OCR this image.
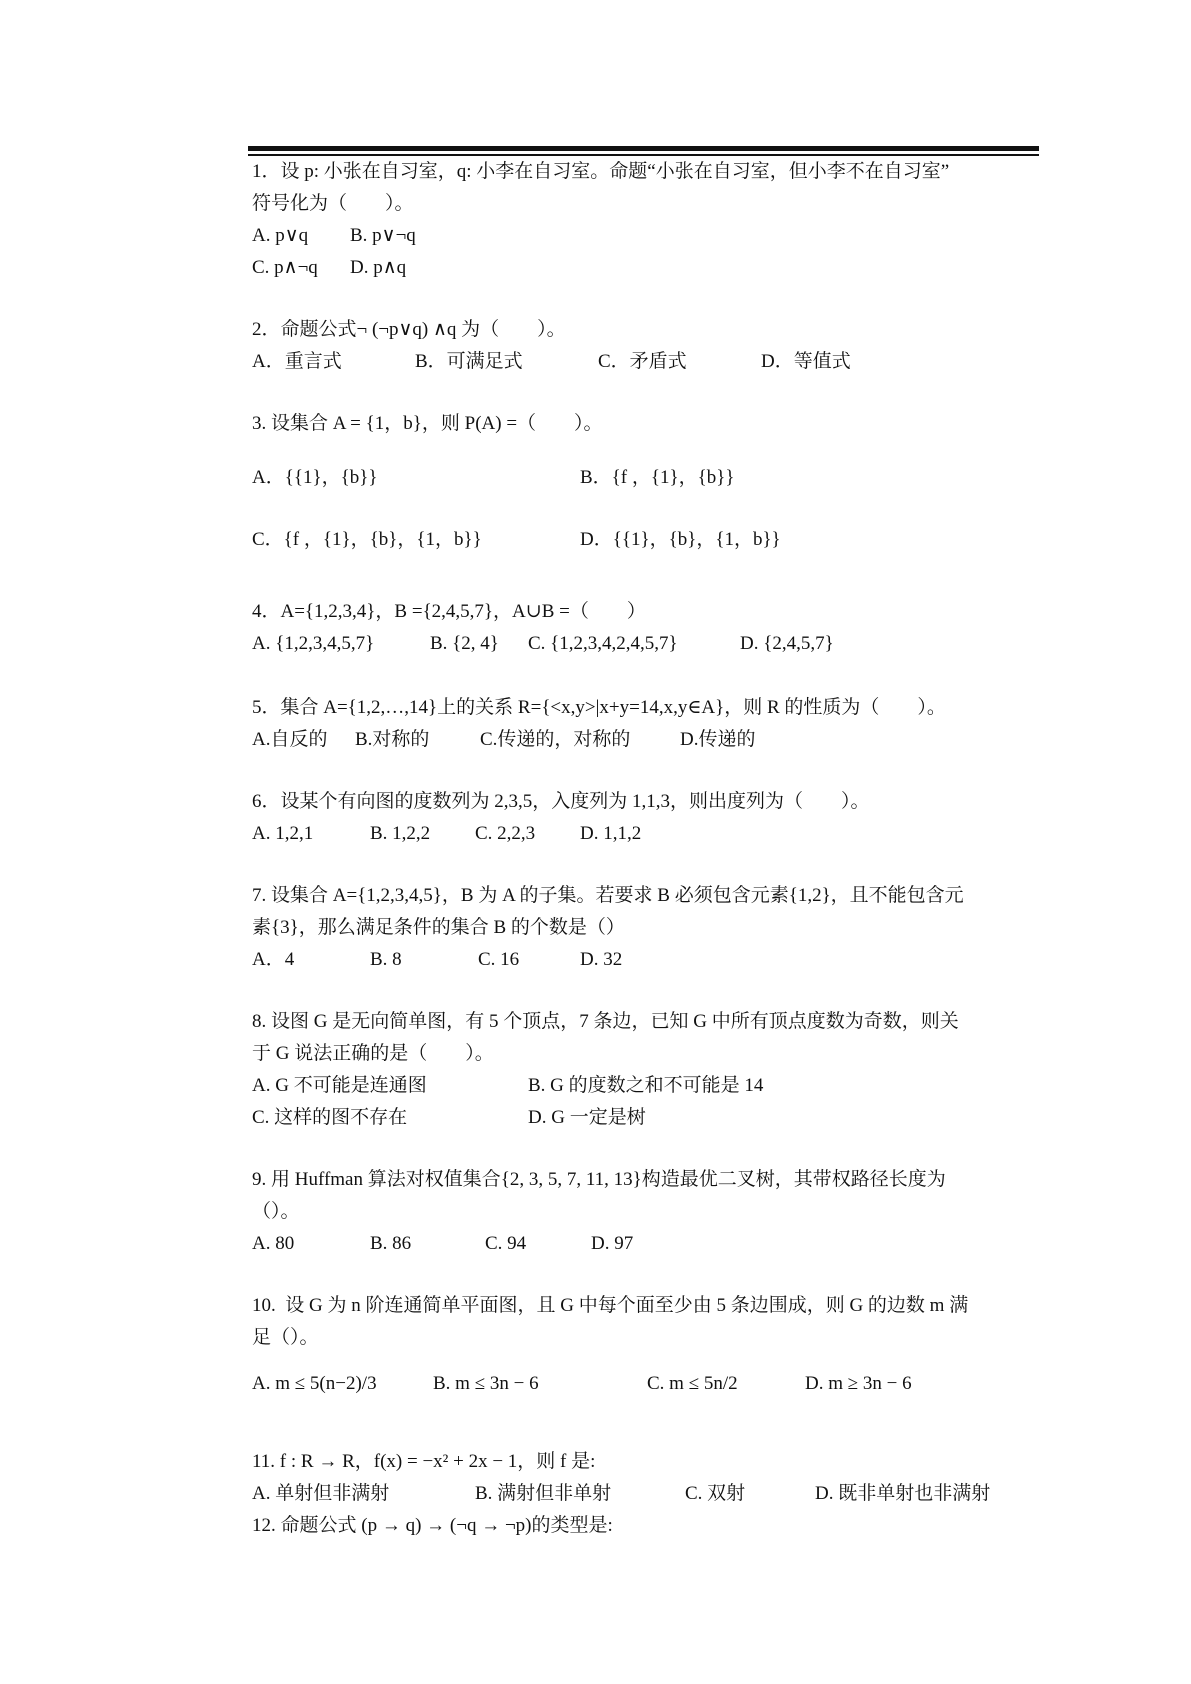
1．设 p: 小张在自习室，q: 小李在自习室。命题“小张在自习室，但小李不在自习室”
符号化为（　　）。
A. p∨q B. p∨¬q
C. p∧¬q D. p∧q
2．命题公式¬ (¬p∨q) ∧q 为（　　）。
A．重言式	B．可满足式	C．矛盾式	D．等值式
3. 设集合 A = {1，b}，则 P(A) =（　　）。
A．{{1}，{b}}	B．{f ，{1}，{b}}
C．{f ，{1}，{b}，{1，b}}	D．{{1}，{b}，{1，b}}
4．A={1,2,3,4}，B ={2,4,5,7}，A∪B =（　　）
A. {1,2,3,4,5,7}	B. {2, 4} C. {1,2,3,4,2,4,5,7}	D. {2,4,5,7}
5．集合 A={1,2,…,14}上的关系 R={<x,y>|x+y=14,x,y∈A}，则 R 的性质为（　　）。
A.自反的 B.对称的	C.传递的，对称的	D.传递的
6．设某个有向图的度数列为 2,3,5，入度列为 1,1,3，则出度列为（　　）。
A. 1,2,1	B. 1,2,2 C. 2,2,3 D. 1,1,2
7. 设集合 A={1,2,3,4,5}，B 为 A 的子集。若要求 B 必须包含元素{1,2}，且不能包含元
素{3}，那么满足条件的集合 B 的个数是（）
A．4	B. 8	C. 16	D. 32
8. 设图 G 是无向简单图，有 5 个顶点，7 条边，已知 G 中所有顶点度数为奇数，则关
于 G 说法正确的是（　　）。
A. G 不可能是连通图	B. G 的度数之和不可能是 14
C. 这样的图不存在	D. G 一定是树
9. 用 Huffman 算法对权值集合{2, 3, 5, 7, 11, 13}构造最优二叉树，其带权路径长度为
（）。
A. 80	B. 86	C. 94	D. 97
10.  设 G 为 n 阶连通简单平面图，且 G 中每个面至少由 5 条边围成，则 G 的边数 m 满
足（）。
A. m ≤ 5(n−2)/3	B. m ≤ 3n − 6	C. m ≤ 5n/2	D. m ≥ 3n − 6
11. f : R → R，f(x) = −x² + 2x − 1，则 f 是:
A. 单射但非满射	B. 满射但非单射	C. 双射	D. 既非单射也非满射
12. 命题公式 (p → q) → (¬q → ¬p)的类型是:
